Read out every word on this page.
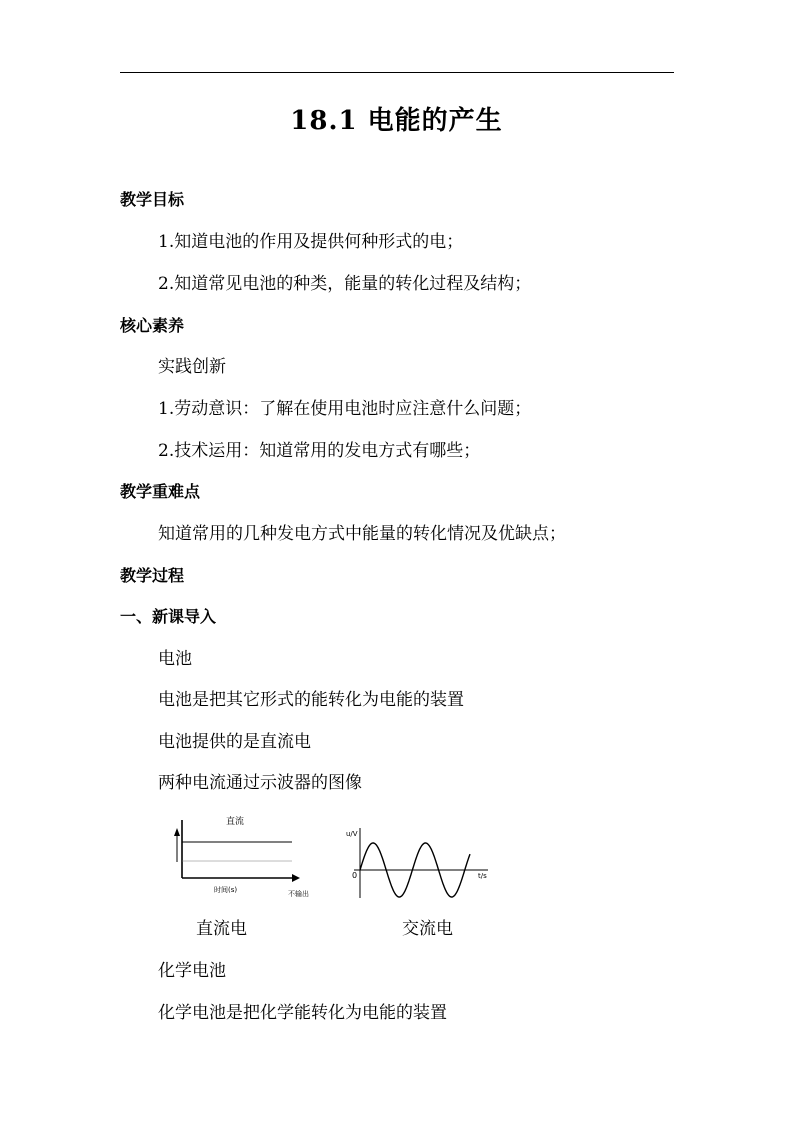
18.1 电能的产生
教学目标
1.知道电池的作用及提供何种形式的电；
2.知道常见电池的种类，能量的转化过程及结构；
核心素养
实践创新
1.劳动意识：了解在使用电池时应注意什么问题；
2.技术运用：知道常用的发电方式有哪些；
教学重难点
知道常用的几种发电方式中能量的转化情况及优缺点；
教学过程
一、新课导入
电池
电池是把其它形式的能转化为电能的装置
电池提供的是直流电
两种电流通过示波器的图像
直流
时间(s)	不输出
u/V
0	t/s
直流电	交流电
化学电池
化学电池是把化学能转化为电能的装置
